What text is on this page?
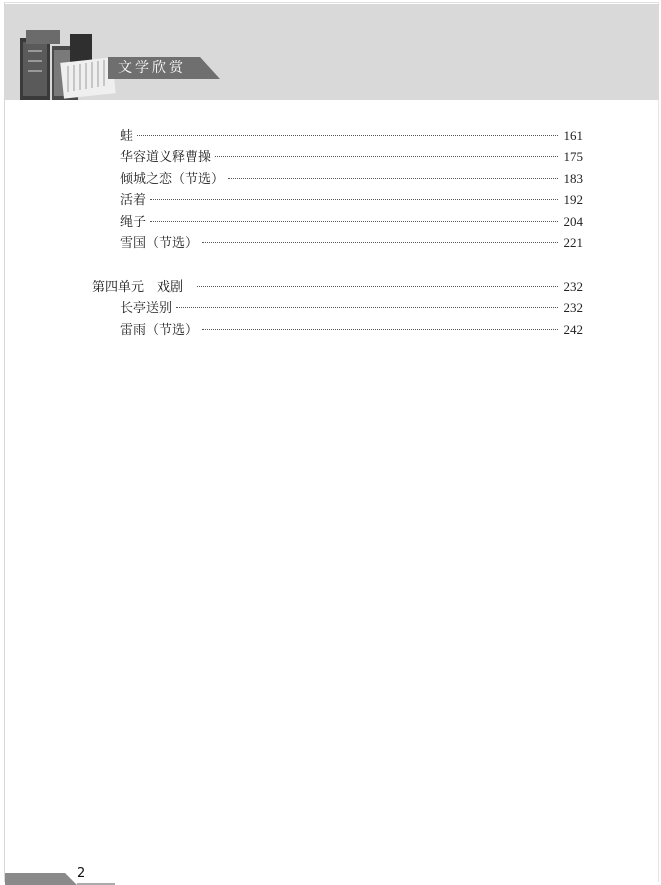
文学欣赏
蛙	161
华容道义释曹操	175
倾城之恋（节选）	183
活着	192
绳子	204
雪国（节选）	221
第四单元　戏剧	232
长亭送别	232
雷雨（节选）	242
2
